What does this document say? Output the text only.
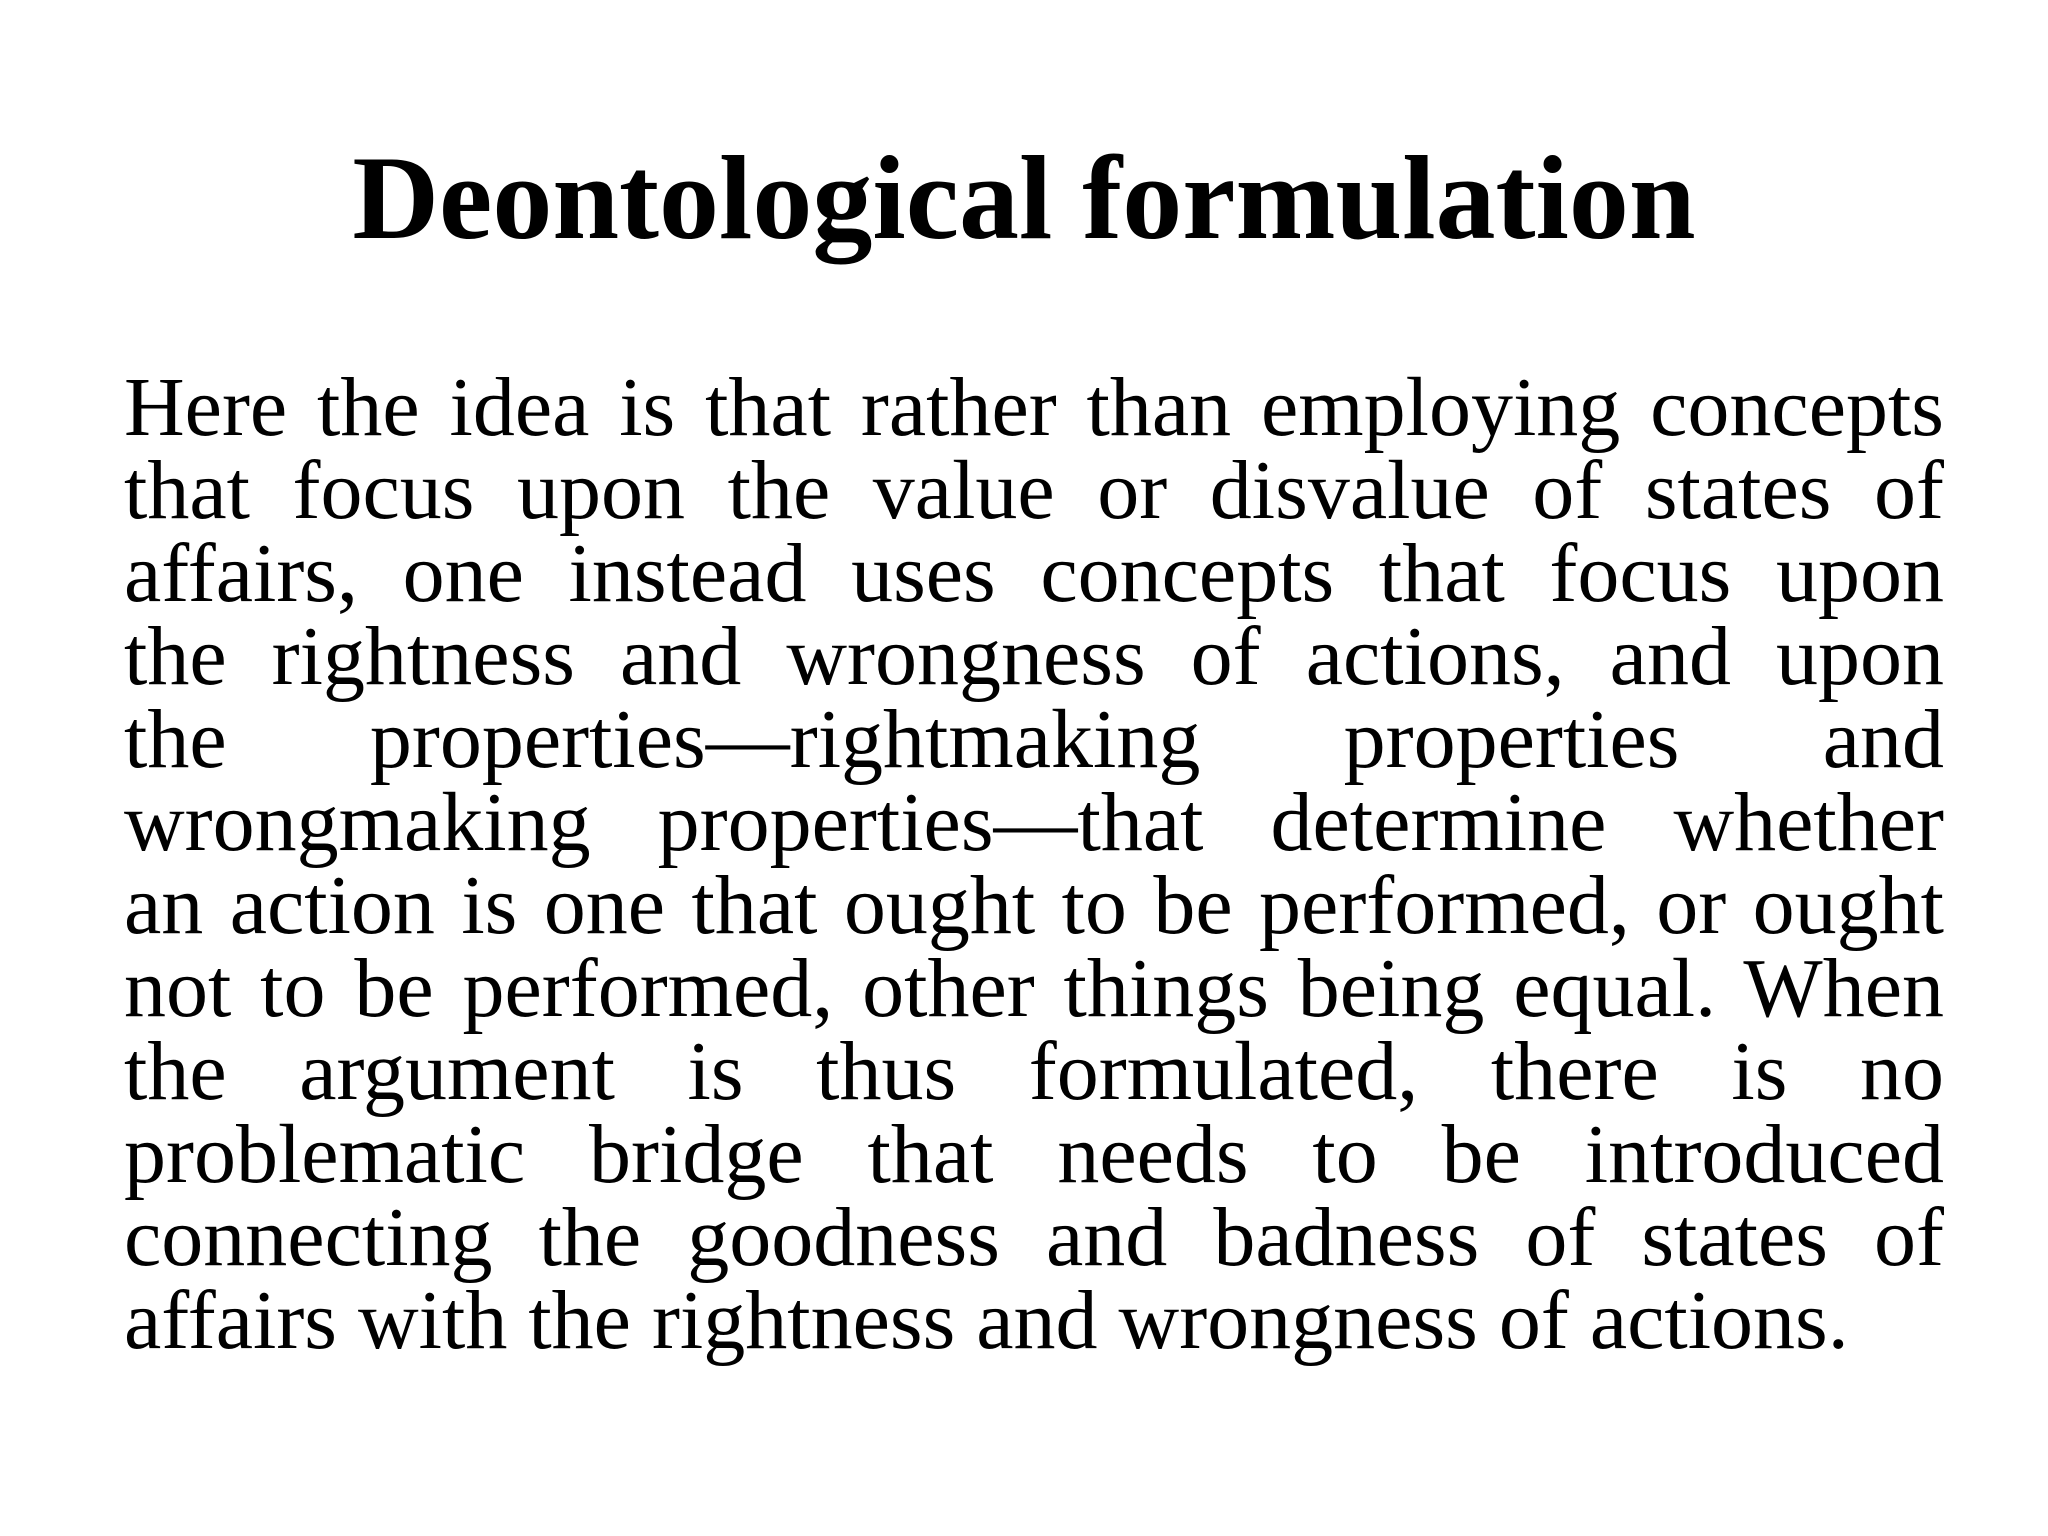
Deontological formulation
Here the idea is that rather than employing concepts
that focus upon the value or disvalue of states of
affairs, one instead uses concepts that focus upon
the rightness and wrongness of actions, and upon
the properties—rightmaking properties and
wrongmaking properties—that determine whether
an action is one that ought to be performed, or ought
not to be performed, other things being equal. When
the argument is thus formulated, there is no
problematic bridge that needs to be introduced
connecting the goodness and badness of states of
affairs with the rightness and wrongness of actions.
